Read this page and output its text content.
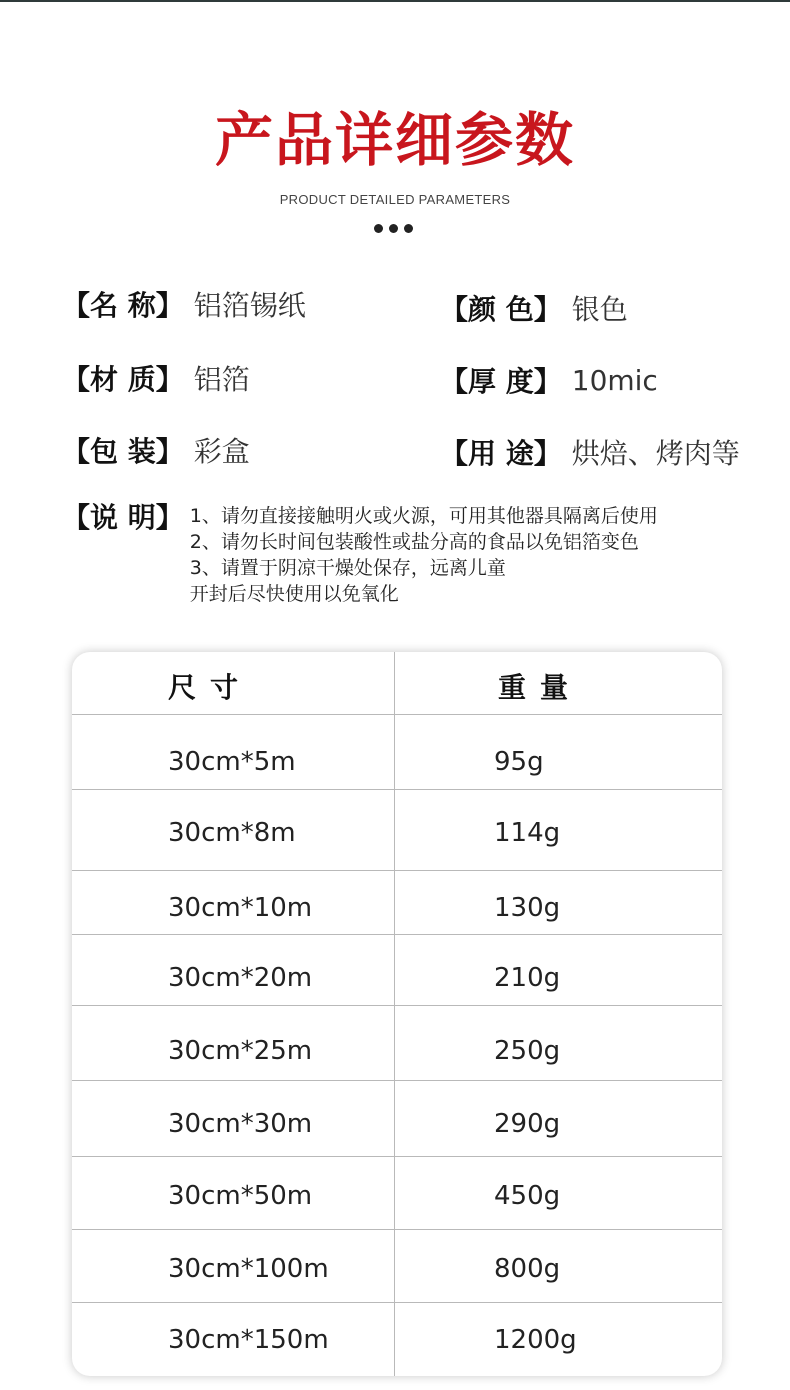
产品详细参数
PRODUCT DETAILED PARAMETERS
【名 称】 铝箔锡纸	【颜 色】 银色
【材 质】 铝箔	【厚 度】 10mic
【包 装】 彩盒	【用 途】 烘焙、烤肉等
【说 明】 1、请勿直接接触明火或火源，可用其他器具隔离后使用
2、请勿长时间包装酸性或盐分高的食品以免铝箔变色
3、请置于阴凉干燥处保存，远离儿童
开封后尽快使用以免氧化
尺寸	重量
30cm*5m	95g
30cm*8m	114g
30cm*10m	130g
30cm*20m	210g
30cm*25m	250g
30cm*30m	290g
30cm*50m	450g
30cm*100m	800g
30cm*150m	1200g
